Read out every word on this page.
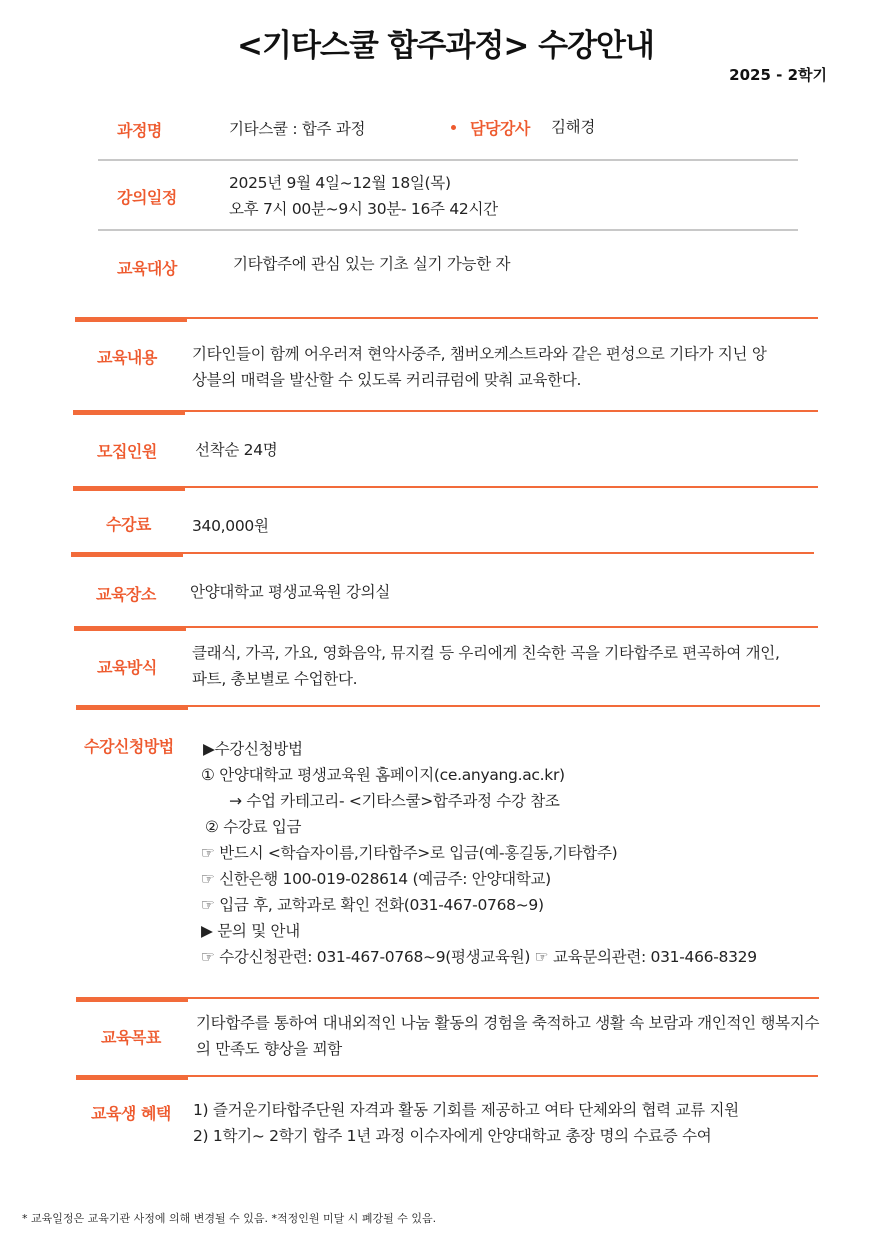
<기타스쿨 합주과정> 수강안내
2025 - 2학기
과정명	기타스쿨 : 합주 과정	담당강사 김해경
강의일정
2025년 9월 4일~12월 18일(목)
오후 7시 00분~9시 30분- 16주 42시간
교육대상	기타합주에 관심 있는 기초 실기 가능한 자
교육내용 기타인들이 함께 어우러져 현악사중주, 챔버오케스트라와 같은 편성으로 기타가 지닌 앙
상블의 매력을 발산할 수 있도록 커리큐럼에 맞춰 교육한다.
모집인원 선착순 24명
수강료	340,000원
교육장소 안양대학교 평생교육원 강의실
교육방식
클래식, 가곡, 가요, 영화음악, 뮤지컬 등 우리에게 친숙한 곡을 기타합주로 편곡하여 개인,
파트, 총보별로 수업한다.
수강신청방법 ▶수강신청방법
① 안양대학교 평생교육원 홈페이지(ce.anyang.ac.kr)
→ 수업 카테고리- <기타스쿨>합주과정 수강 참조
② 수강료 입금
☞ 반드시 <학습자이름,기타합주>로 입금(예-홍길동,기타합주)
☞ 신한은행 100-019-028614 (예금주: 안양대학교)
☞ 입금 후, 교학과로 확인 전화(031-467-0768~9)
▶ 문의 및 안내
☞ 수강신청관련: 031-467-0768~9(평생교육원) ☞ 교육문의관련: 031-466-8329
교육목표
기타합주를 통하여 대내외적인 나눔 활동의 경험을 축적하고 생활 속 보람과 개인적인 행복지수
의 만족도 향상을 꾀함
교육생 혜택 1) 즐거운기타합주단원 자격과 활동 기회를 제공하고 여타 단체와의 협력 교류 지원
2) 1학기~ 2학기 합주 1년 과정 이수자에게 안양대학교 총장 명의 수료증 수여
* 교육일정은 교육기관 사정에 의해 변경될 수 있음. *적정인원 미달 시 폐강될 수 있음.
